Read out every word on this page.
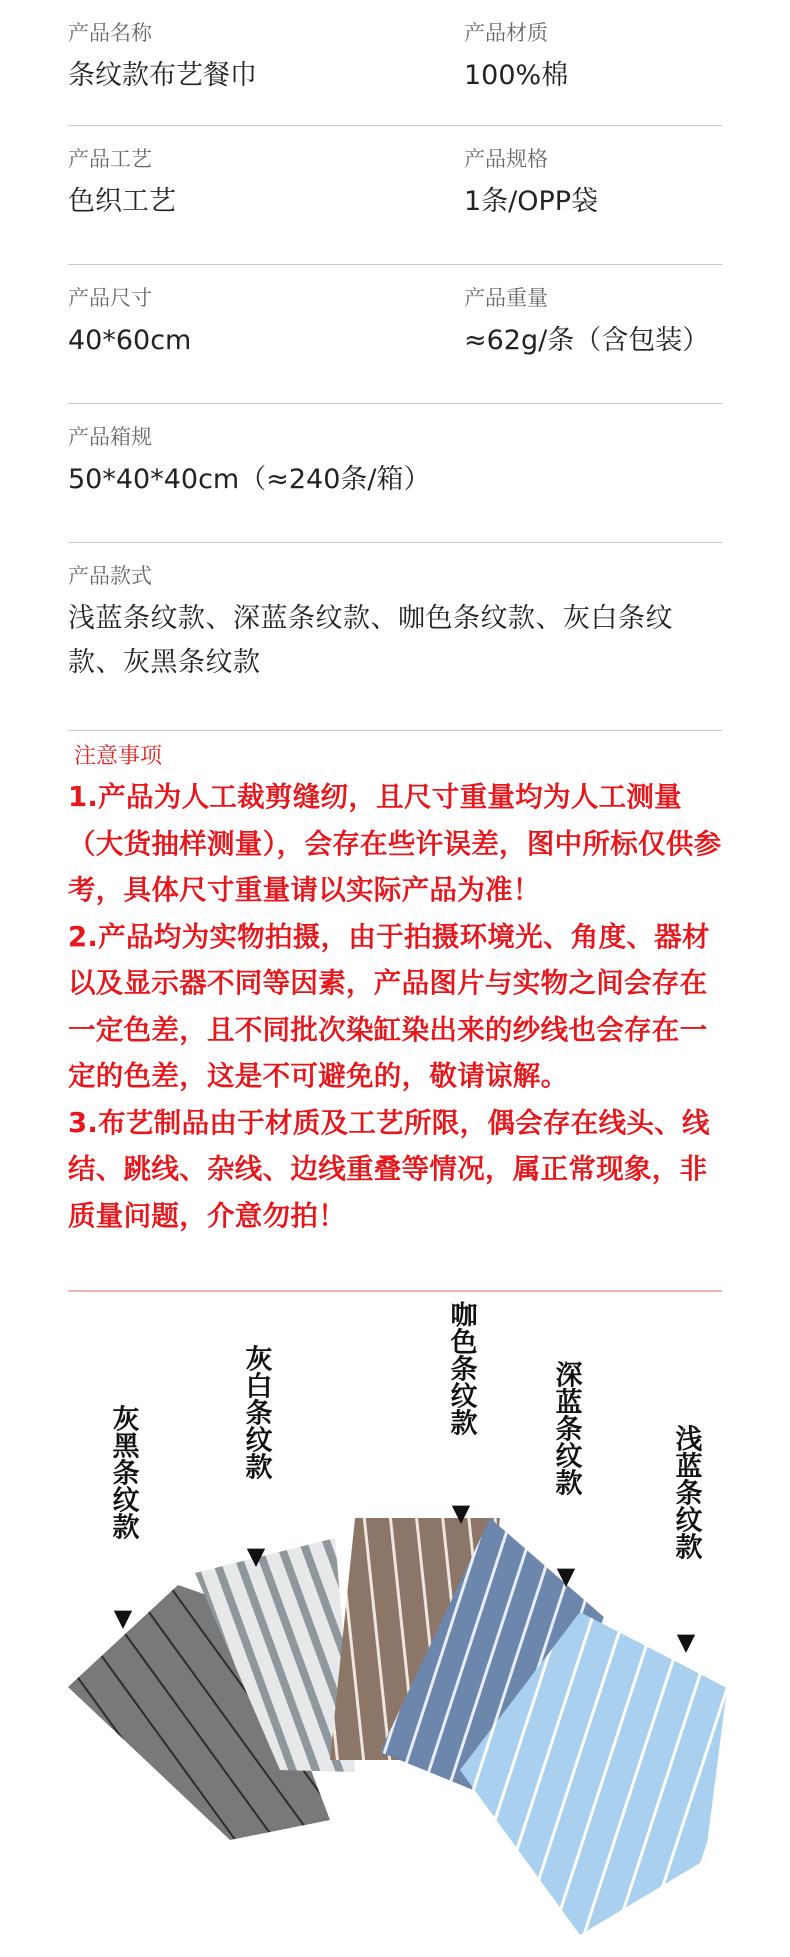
产品名称
条纹款布艺餐巾
产品材质
100%棉
产品工艺
色织工艺
产品规格
1条/OPP袋
产品尺寸
40*60cm
产品重量
≈62g/条（含包装）
产品箱规
50*40*40cm（≈240条/箱）
产品款式
浅蓝条纹款、深蓝条纹款、咖色条纹款、灰白条纹款、灰黑条纹款
注意事项
1.产品为人工裁剪缝纫，且尺寸重量均为人工测量（大货抽样测量），会存在些许误差，图中所标仅供参考，具体尺寸重量请以实际产品为准！
2.产品均为实物拍摄，由于拍摄环境光、角度、器材以及显示器不同等因素，产品图片与实物之间会存在一定色差，且不同批次染缸染出来的纱线也会存在一定的色差，这是不可避免的，敬请谅解。
3.布艺制品由于材质及工艺所限，偶会存在线头、线结、跳线、杂线、边线重叠等情况，属正常现象，非质量问题，介意勿拍！
灰黑条纹款
▼
灰白条纹款
▼
咖色条纹款
▼
深蓝条纹款
▼
浅蓝条纹款
▼
